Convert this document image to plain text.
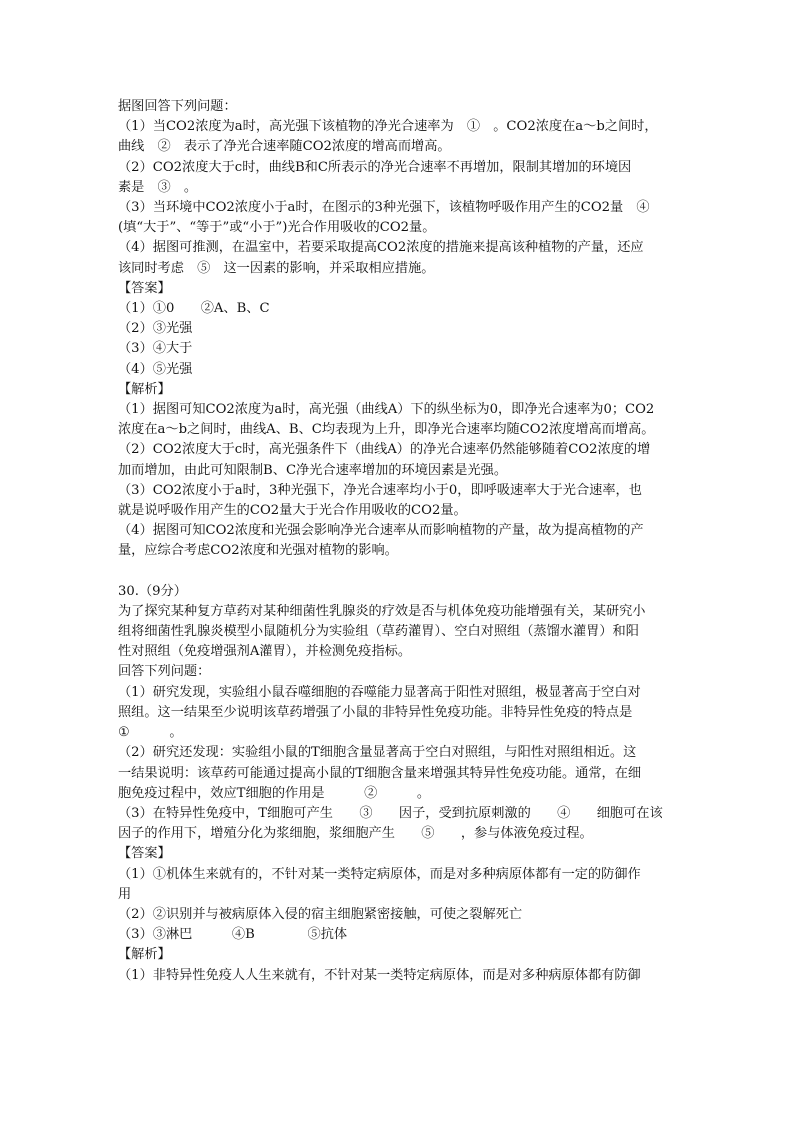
据图回答下列问题：
（1）当CO2浓度为a时，高光强下该植物的净光合速率为　①　。CO2浓度在a～b之间时，
曲线　②　表示了净光合速率随CO2浓度的增高而增高。
（2）CO2浓度大于c时，曲线B和C所表示的净光合速率不再增加，限制其增加的环境因
素是　③　。
（3）当环境中CO2浓度小于a时，在图示的3种光强下，该植物呼吸作用产生的CO2量　④
(填“大于”、“等于”或“小于”)光合作用吸收的CO2量。
（4）据图可推测，在温室中，若要采取提高CO2浓度的措施来提高该种植物的产量，还应
该同时考虑　⑤　这一因素的影响，并采取相应措施。
【答案】
（1）①0　　②A、B、C
（2）③光强
（3）④大于
（4）⑤光强
【解析】
（1）据图可知CO2浓度为a时，高光强（曲线A）下的纵坐标为0，即净光合速率为0；CO2
浓度在a～b之间时，曲线A、B、C均表现为上升，即净光合速率均随CO2浓度增高而增高。
（2）CO2浓度大于c时，高光强条件下（曲线A）的净光合速率仍然能够随着CO2浓度的增
加而增加，由此可知限制B、C净光合速率增加的环境因素是光强。
（3）CO2浓度小于a时，3种光强下，净光合速率均小于0，即呼吸速率大于光合速率，也
就是说呼吸作用产生的CO2量大于光合作用吸收的CO2量。
（4）据图可知CO2浓度和光强会影响净光合速率从而影响植物的产量，故为提高植物的产
量，应综合考虑CO2浓度和光强对植物的影响。
30.（9分）
为了探究某种复方草药对某种细菌性乳腺炎的疗效是否与机体免疫功能增强有关，某研究小
组将细菌性乳腺炎模型小鼠随机分为实验组（草药灌胃）、空白对照组（蒸馏水灌胃）和阳
性对照组（免疫增强剂A灌胃），并检测免疫指标。
回答下列问题：
（1）研究发现，实验组小鼠吞噬细胞的吞噬能力显著高于阳性对照组，极显著高于空白对
照组。这一结果至少说明该草药增强了小鼠的非特异性免疫功能。非特异性免疫的特点是
①　　　。
（2）研究还发现：实验组小鼠的T细胞含量显著高于空白对照组，与阳性对照组相近。这
一结果说明：该草药可能通过提高小鼠的T细胞含量来增强其特异性免疫功能。通常，在细
胞免疫过程中，效应T细胞的作用是　　　②　　　。
（3）在特异性免疫中，T细胞可产生　　③　　因子，受到抗原刺激的　　④　　细胞可在该
因子的作用下，增殖分化为浆细胞，浆细胞产生　　⑤　　，参与体液免疫过程。
【答案】
（1）①机体生来就有的，不针对某一类特定病原体，而是对多种病原体都有一定的防御作
用
（2）②识别并与被病原体入侵的宿主细胞紧密接触，可使之裂解死亡
（3）③淋巴　　　④B　　　　⑤抗体
【解析】
（1）非特异性免疫人人生来就有，不针对某一类特定病原体，而是对多种病原体都有防御
